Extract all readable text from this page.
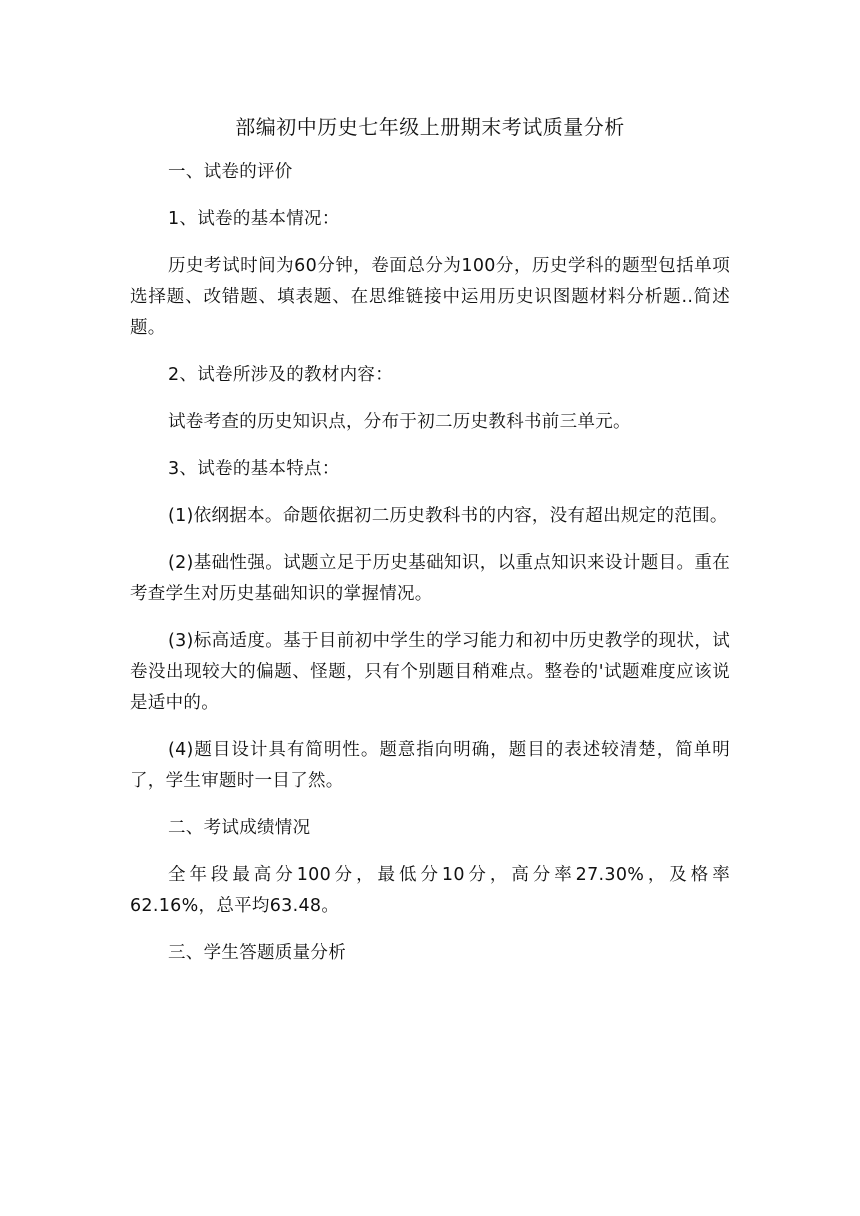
部编初中历史七年级上册期末考试质量分析

一、试卷的评价

1、试卷的基本情况：

历史考试时间为60分钟，卷面总分为100分，历史学科的题型包括单项选择题、改错题、填表题、在思维链接中运用历史识图题材料分析题..简述题。

2、试卷所涉及的教材内容：

试卷考查的历史知识点，分布于初二历史教科书前三单元。

3、试卷的基本特点：

(1)依纲据本。命题依据初二历史教科书的内容，没有超出规定的范围。

(2)基础性强。试题立足于历史基础知识，以重点知识来设计题目。重在考查学生对历史基础知识的掌握情况。

(3)标高适度。基于目前初中学生的学习能力和初中历史教学的现状，试卷没出现较大的偏题、怪题，只有个别题目稍难点。整卷的'试题难度应该说是适中的。

(4)题目设计具有简明性。题意指向明确，题目的表述较清楚，简单明了，学生审题时一目了然。

二、考试成绩情况

全年段最高分100分，最低分10分，高分率27.30%，及格率62.16%，总平均63.48。

三、学生答题质量分析
